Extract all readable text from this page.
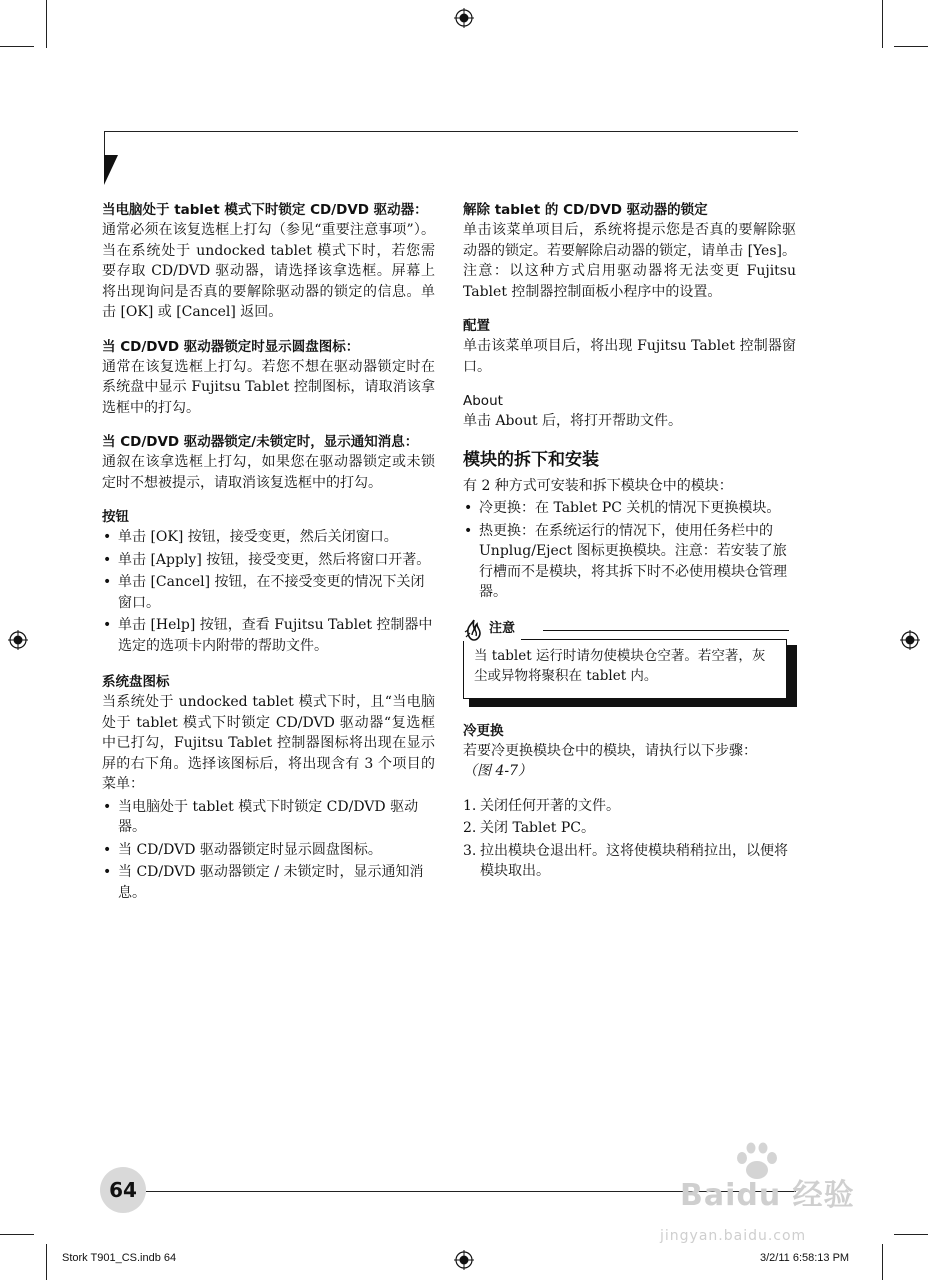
当电脑处于 tablet 模式下时锁定 CD/DVD 驱动器：

通常必须在该复选框上打勾（参见“重要注意事项”）。当在系统处于 undocked tablet 模式下时，若您需要存取 CD/DVD 驱动器，请选择该拿选框。屏幕上将出现询问是否真的要解除驱动器的锁定的信息。单击 [OK] 或 [Cancel] 返回。

当 CD/DVD 驱动器锁定时显示圆盘图标：

通常在该复选框上打勾。若您不想在驱动器锁定时在系统盘中显示 Fujitsu Tablet 控制图标，请取消该拿选框中的打勾。

当 CD/DVD 驱动器锁定/未锁定时，显示通知消息：

通叙在该拿选框上打勾，如果您在驱动器锁定或未锁定时不想被提示，请取消该复选框中的打勾。

按钮
• 单击 [OK] 按钮，接受变更，然后关闭窗口。
• 单击 [Apply] 按钮，接受变更，然后将窗口开著。
• 单击 [Cancel] 按钮，在不接受变更的情况下关闭窗口。
• 单击 [Help] 按钮，查看 Fujitsu Tablet 控制器中选定的选项卡内附带的帮助文件。
系统盘图标

当系统处于 undocked tablet 模式下时，且“当电脑处于 tablet 模式下时锁定 CD/DVD 驱动器“复选框中已打勾，Fujitsu Tablet 控制器图标将出现在显示屏的右下角。选择该图标后，将出现含有 3 个项目的菜单：

• 当电脑处于 tablet 模式下时锁定 CD/DVD 驱动器。
• 当 CD/DVD 驱动器锁定时显示圆盘图标。
• 当 CD/DVD 驱动器锁定 / 未锁定时，显示通知消息。
解除 tablet 的 CD/DVD 驱动器的锁定

单击该菜单项目后，系统将提示您是否真的要解除驱动器的锁定。若要解除启动器的锁定，请单击 [Yes]。注意：以这种方式启用驱动器将无法变更 Fujitsu Tablet 控制器控制面板小程序中的设置。

配置

单击该菜单项目后，将出现 Fujitsu Tablet 控制器窗口。

About

单击 About 后，将打开帮助文件。

模块的拆下和安装

有 2 种方式可安装和拆下模块仓中的模块：

• 冷更换：在 Tablet PC 关机的情况下更换模块。
• 热更换：在系统运行的情况下，使用任务栏中的 Unplug/Eject 图标更换模块。注意：若安装了旅行槽而不是模块，将其拆下时不必使用模块仓管理器。
当 tablet 运行时请勿使模块仓空著。若空著，灰尘或异物将聚积在 tablet 内。
注意
冷更换

若要冷更换模块仓中的模块，请执行以下步骤：

（图 4-7）

1. 关闭任何开著的文件。
2. 关闭 Tablet PC。
3. 拉出模块仓退出杆。这将使模块稍稍拉出，以便将模块取出。
64
Stork T901_CS.indb 64	3/2/11 6:58:13 PM
Baidu 经验
jingyan.baidu.com
